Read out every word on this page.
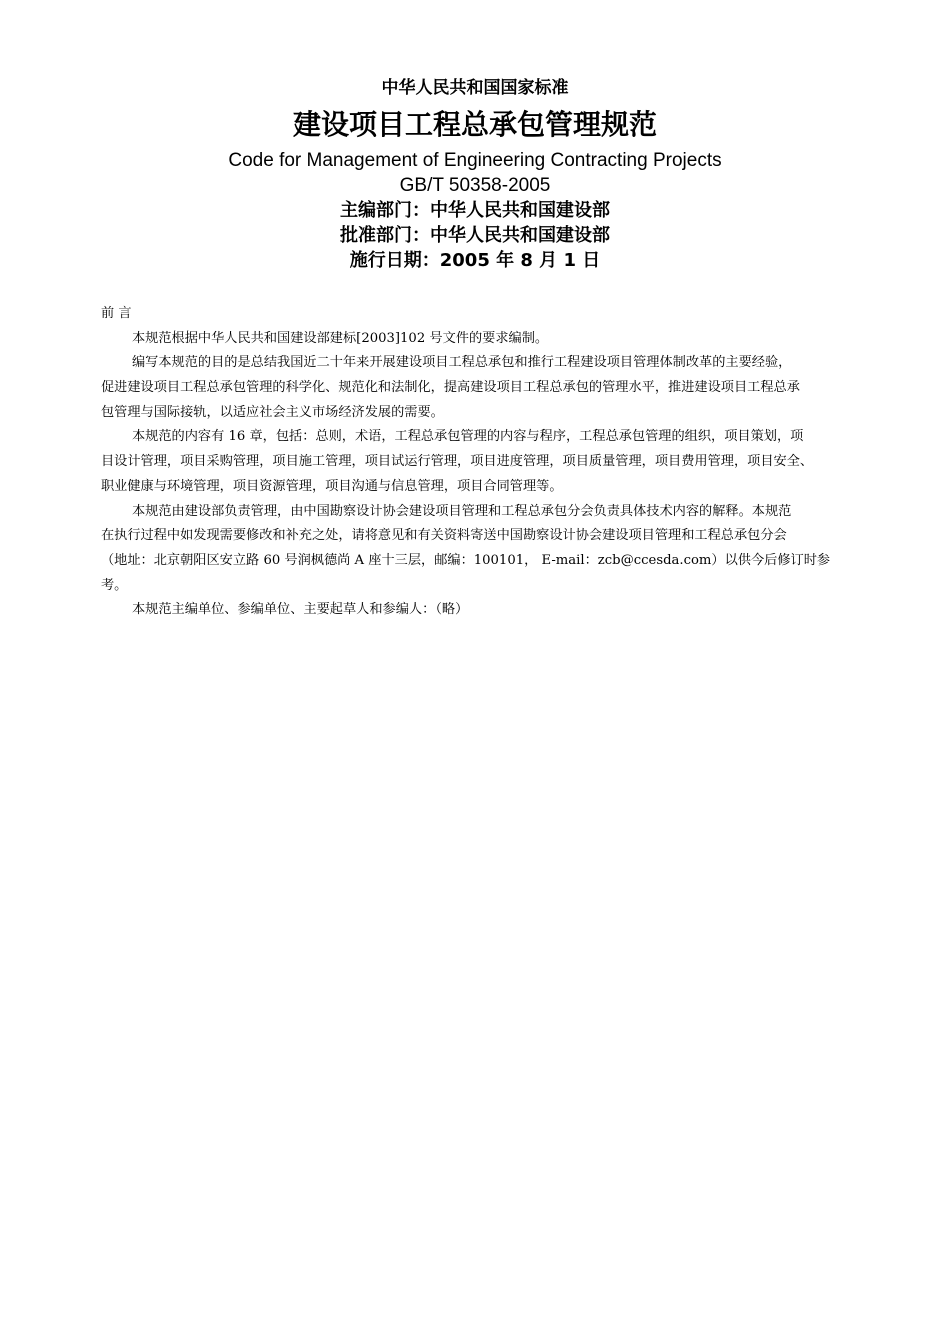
中华人民共和国国家标准
建设项目工程总承包管理规范
Code for Management of Engineering Contracting Projects
GB/T 50358-2005
主编部门：中华人民共和国建设部
批准部门：中华人民共和国建设部
施行日期：2005 年 8 月 1 日
前 言
本规范根据中华人民共和国建设部建标[2003]102 号文件的要求编制。
编写本规范的目的是总结我国近二十年来开展建设项目工程总承包和推行工程建设项目管理体制改革的主要经验，
促进建设项目工程总承包管理的科学化、规范化和法制化，提高建设项目工程总承包的管理水平，推进建设项目工程总承
包管理与国际接轨，以适应社会主义市场经济发展的需要。
本规范的内容有 16 章，包括：总则，术语，工程总承包管理的内容与程序，工程总承包管理的组织，项目策划，项
目设计管理，项目采购管理，项目施工管理，项目试运行管理，项目进度管理，项目质量管理，项目费用管理，项目安全、
职业健康与环境管理，项目资源管理，项目沟通与信息管理，项目合同管理等。
本规范由建设部负责管理，由中国勘察设计协会建设项目管理和工程总承包分会负责具体技术内容的解释。本规范
在执行过程中如发现需要修改和补充之处，请将意见和有关资料寄送中国勘察设计协会建设项目管理和工程总承包分会
（地址：北京朝阳区安立路 60 号润枫德尚 A 座十三层，邮编：100101， E-mail：zcb@ccesda.com）以供今后修订时参
考。
本规范主编单位、参编单位、主要起草人和参编人：（略）
